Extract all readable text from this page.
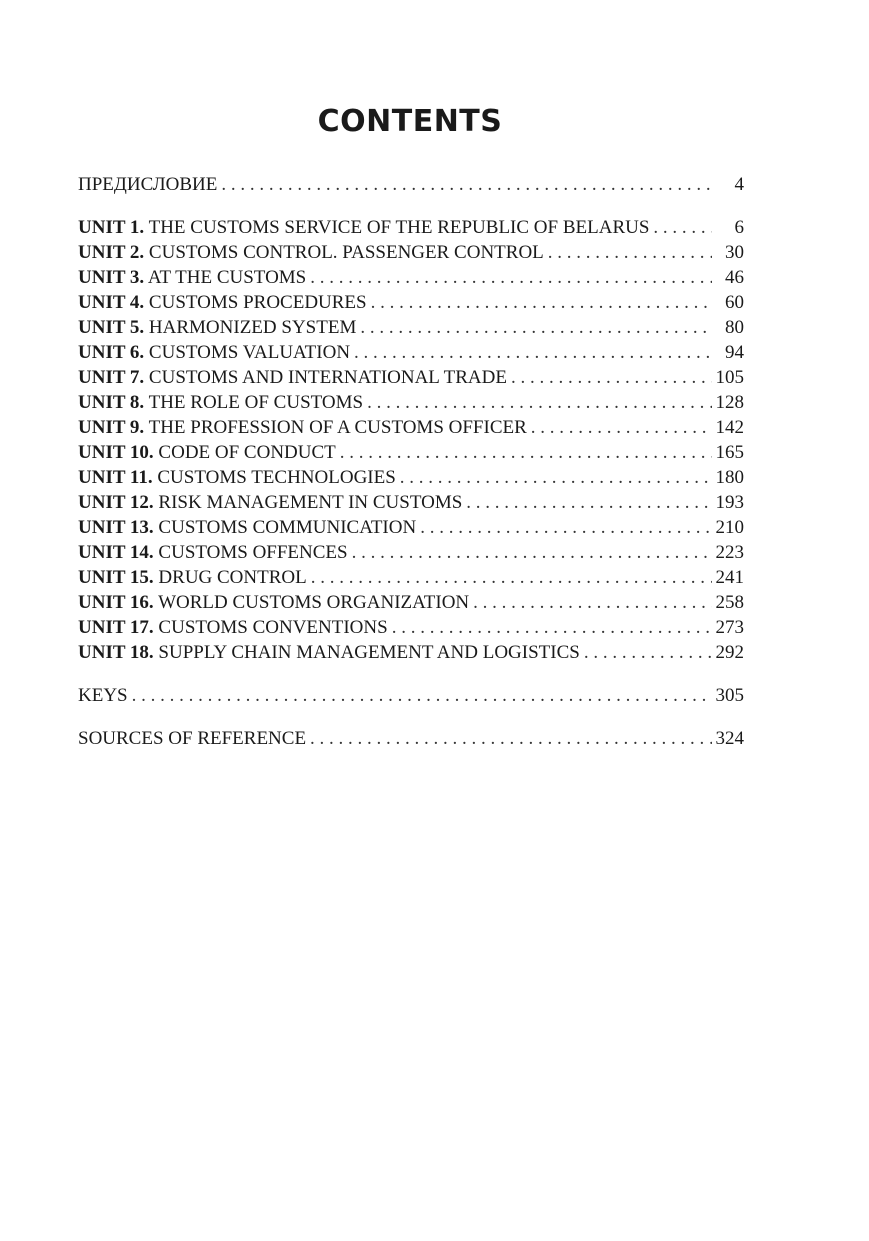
CONTENTS
ПРЕДИСЛОВИЕ . . .	4
UNIT 1. THE CUSTOMS SERVICE OF THE REPUBLIC OF BELARUS . . .	6
UNIT 2. CUSTOMS CONTROL. PASSENGER CONTROL . . .	30
UNIT 3. AT THE CUSTOMS . . .	46
UNIT 4. CUSTOMS PROCEDURES . . .	60
UNIT 5. HARMONIZED SYSTEM . . .	80
UNIT 6. CUSTOMS VALUATION . . .	94
UNIT 7. CUSTOMS AND INTERNATIONAL TRADE . . .	105
UNIT 8. THE ROLE OF CUSTOMS . . .	128
UNIT 9. THE PROFESSION OF A CUSTOMS OFFICER . . .	142
UNIT 10. CODE OF CONDUCT . . .	165
UNIT 11. CUSTOMS TECHNOLOGIES . . .	180
UNIT 12. RISK MANAGEMENT IN CUSTOMS . . .	193
UNIT 13. CUSTOMS COMMUNICATION . . .	210
UNIT 14. CUSTOMS OFFENCES . . .	223
UNIT 15. DRUG CONTROL . . .	241
UNIT 16. WORLD CUSTOMS ORGANIZATION . . .	258
UNIT 17. CUSTOMS CONVENTIONS . . .	273
UNIT 18. SUPPLY CHAIN MANAGEMENT AND LOGISTICS . . .	292
KEYS . . .	305
SOURCES OF REFERENCE . . .	324
